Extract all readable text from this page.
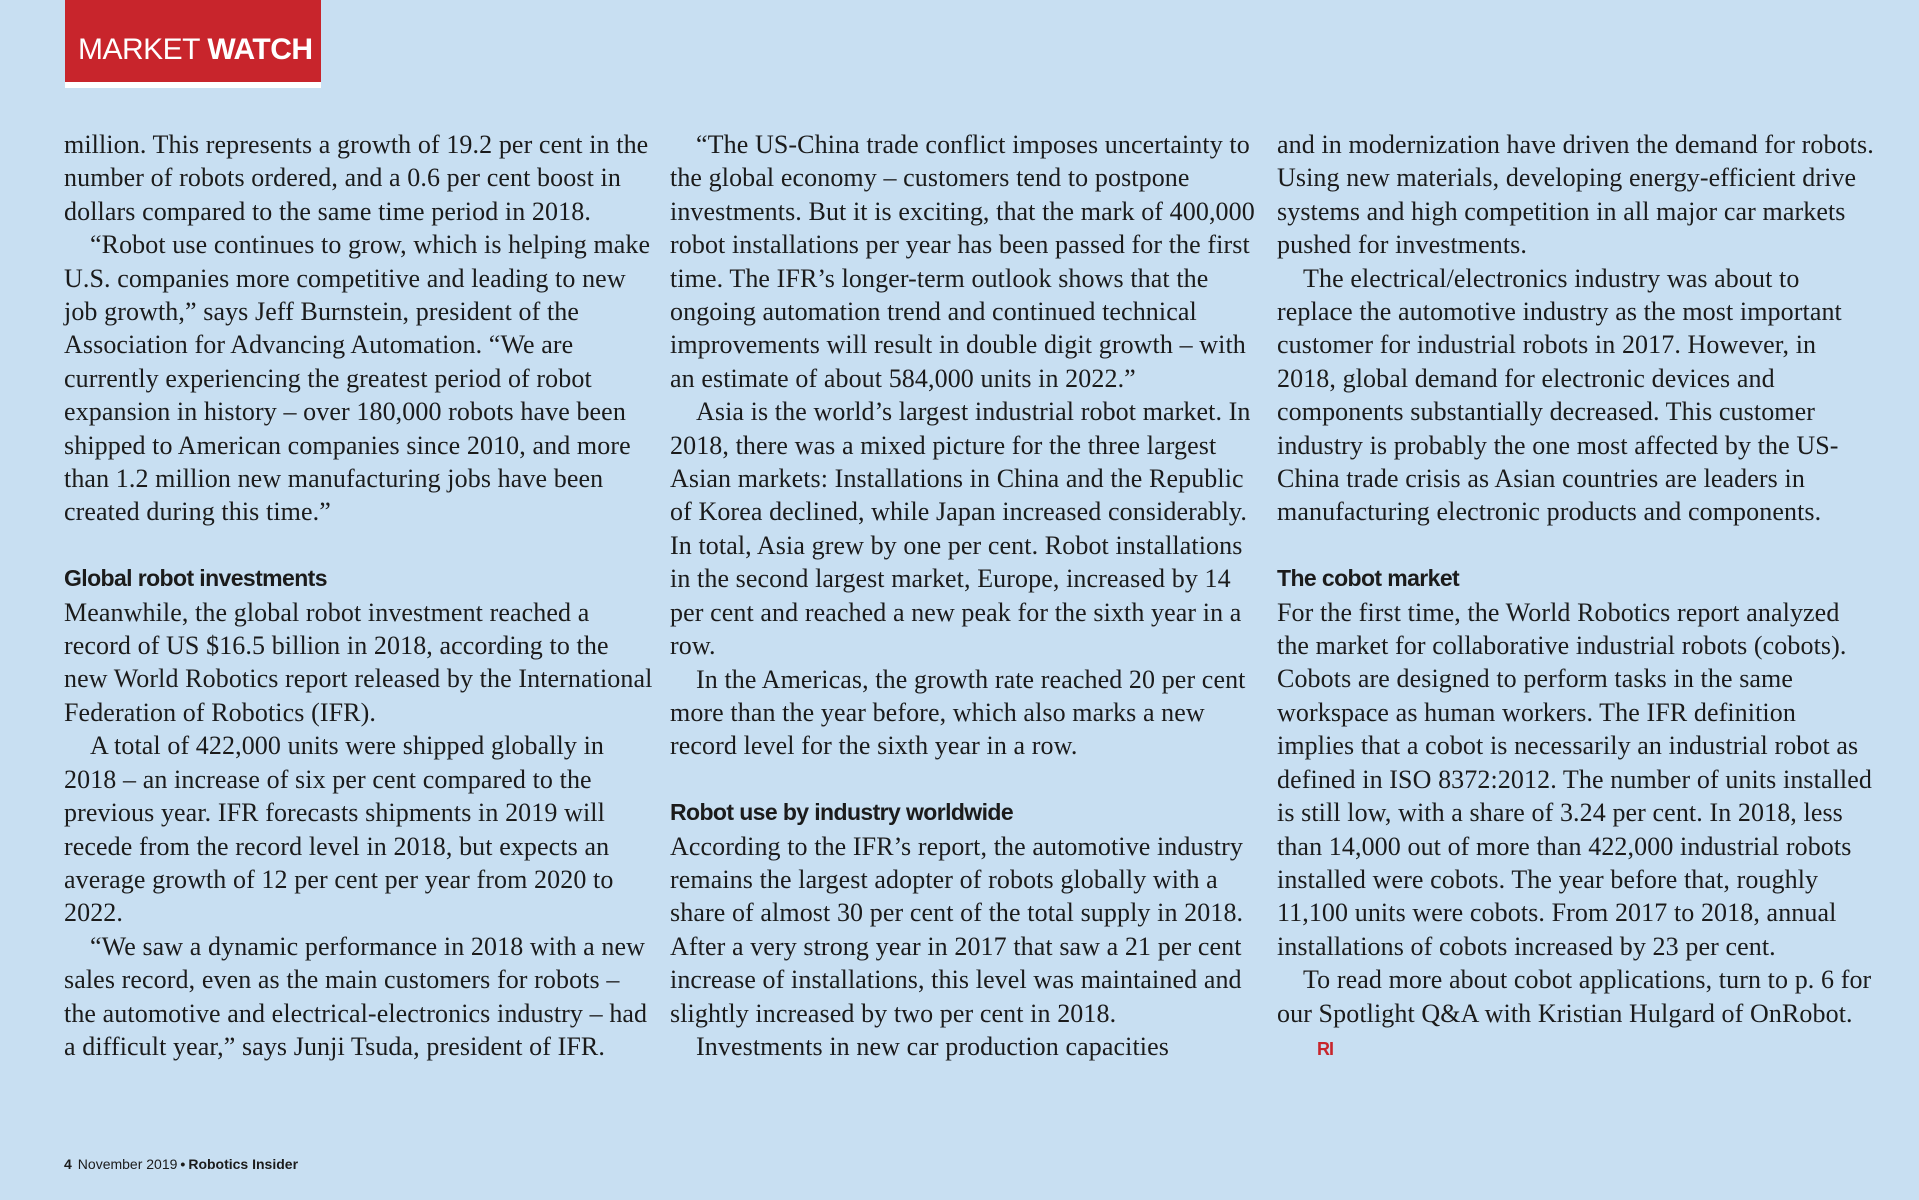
MARKET WATCH

million. This represents a growth of 19.2 per cent in the number of robots ordered, and a 0.6 per cent boost in dollars compared to the same time period in 2018.

“Robot use continues to grow, which is helping make U.S. companies more competitive and leading to new job growth,” says Jeff Burnstein, president of the Association for Advancing Automation. “We are currently experiencing the greatest period of robot expansion in history – over 180,000 robots have been shipped to American companies since 2010, and more than 1.2 million new manufacturing jobs have been created during this time.”

Global robot investments

Meanwhile, the global robot investment reached a record of US $16.5 billion in 2018, according to the new World Robotics report released by the International Federation of Robotics (IFR).

A total of 422,000 units were shipped globally in 2018 – an increase of six per cent compared to the previous year. IFR forecasts shipments in 2019 will recede from the record level in 2018, but expects an average growth of 12 per cent per year from 2020 to 2022.

“We saw a dynamic performance in 2018 with a new sales record, even as the main customers for robots – the automotive and electrical-electronics industry – had a difficult year,” says Junji Tsuda, president of IFR.

“The US-China trade conflict imposes uncertainty to the global economy – customers tend to postpone investments. But it is exciting, that the mark of 400,000 robot installations per year has been passed for the first time. The IFR’s longer-term outlook shows that the ongoing automation trend and continued technical improvements will result in double digit growth – with an estimate of about 584,000 units in 2022.”

Asia is the world’s largest industrial robot market. In 2018, there was a mixed picture for the three largest Asian markets: Installations in China and the Republic of Korea declined, while Japan increased considerably. In total, Asia grew by one per cent. Robot installations in the second largest market, Europe, increased by 14 per cent and reached a new peak for the sixth year in a row.

In the Americas, the growth rate reached 20 per cent more than the year before, which also marks a new record level for the sixth year in a row.

Robot use by industry worldwide

According to the IFR’s report, the automotive industry remains the largest adopter of robots globally with a share of almost 30 per cent of the total supply in 2018. After a very strong year in 2017 that saw a 21 per cent increase of installations, this level was maintained and slightly increased by two per cent in 2018.

Investments in new car production capacities

and in modernization have driven the demand for robots. Using new materials, developing energy-efficient drive systems and high competition in all major car markets pushed for investments.

The electrical/electronics industry was about to replace the automotive industry as the most important customer for industrial robots in 2017. However, in 2018, global demand for electronic devices and components substantially decreased. This customer industry is probably the one most affected by the US-China trade crisis as Asian countries are leaders in manufacturing electronic products and components.

The cobot market

For the first time, the World Robotics report analyzed the market for collaborative industrial robots (cobots). Cobots are designed to perform tasks in the same workspace as human workers. The IFR definition implies that a cobot is necessarily an industrial robot as defined in ISO 8372:2012. The number of units installed is still low, with a share of 3.24 per cent. In 2018, less than 14,000 out of more than 422,000 industrial robots installed were cobots. The year before that, roughly 11,100 units were cobots. From 2017 to 2018, annual installations of cobots increased by 23 per cent.

To read more about cobot applications, turn to p. 6 for our Spotlight Q&A with Kristian Hulgard of OnRobot.RI

4 November 2019 • Robotics Insider
